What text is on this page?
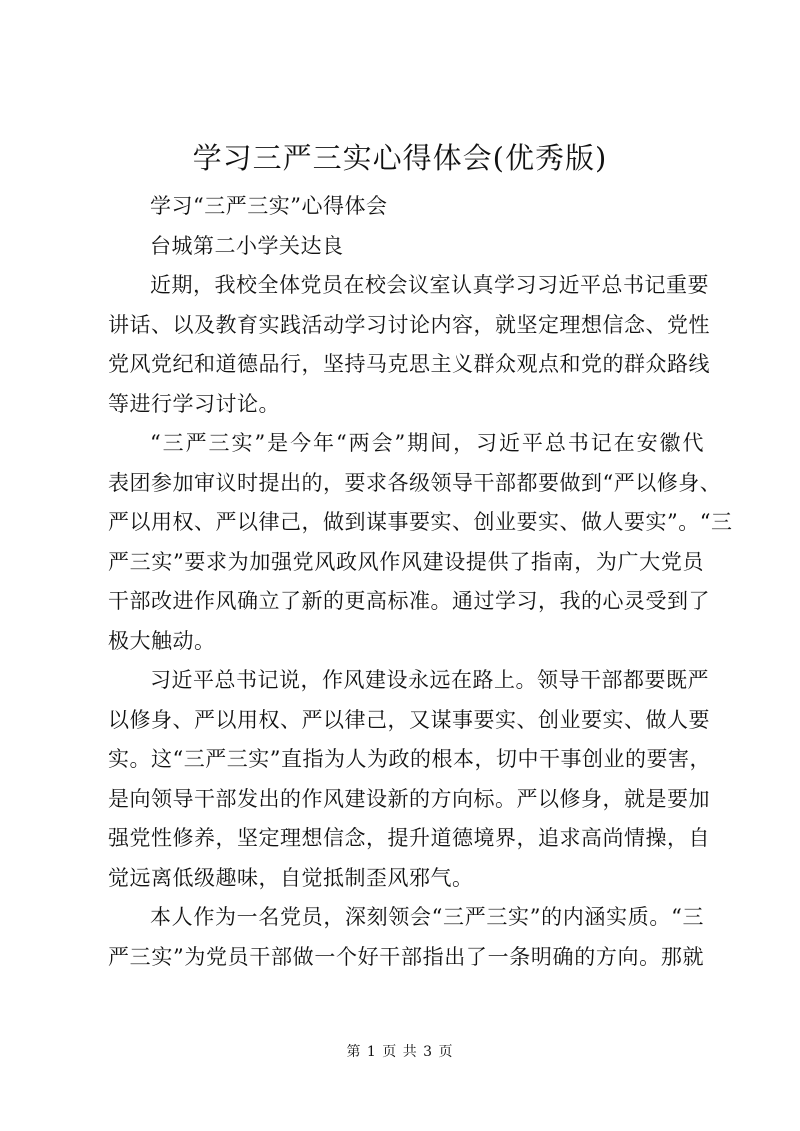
学习三严三实心得体会(优秀版)
学习“三严三实”心得体会
台城第二小学关达良
近期，我校全体党员在校会议室认真学习习近平总书记重要
讲话、以及教育实践活动学习讨论内容，就坚定理想信念、党性
党风党纪和道德品行，坚持马克思主义群众观点和党的群众路线
等进行学习讨论。
“三严三实”是今年“两会”期间，习近平总书记在安徽代
表团参加审议时提出的，要求各级领导干部都要做到“严以修身、
严以用权、严以律己，做到谋事要实、创业要实、做人要实”。“三
严三实”要求为加强党风政风作风建设提供了指南，为广大党员
干部改进作风确立了新的更高标准。通过学习，我的心灵受到了
极大触动。
习近平总书记说，作风建设永远在路上。领导干部都要既严
以修身、严以用权、严以律己，又谋事要实、创业要实、做人要
实。这“三严三实”直指为人为政的根本，切中干事创业的要害，
是向领导干部发出的作风建设新的方向标。严以修身，就是要加
强党性修养，坚定理想信念，提升道德境界，追求高尚情操，自
觉远离低级趣味，自觉抵制歪风邪气。
本人作为一名党员，深刻领会“三严三实”的内涵实质。“三
严三实”为党员干部做一个好干部指出了一条明确的方向。那就
第 1 页 共 3 页
